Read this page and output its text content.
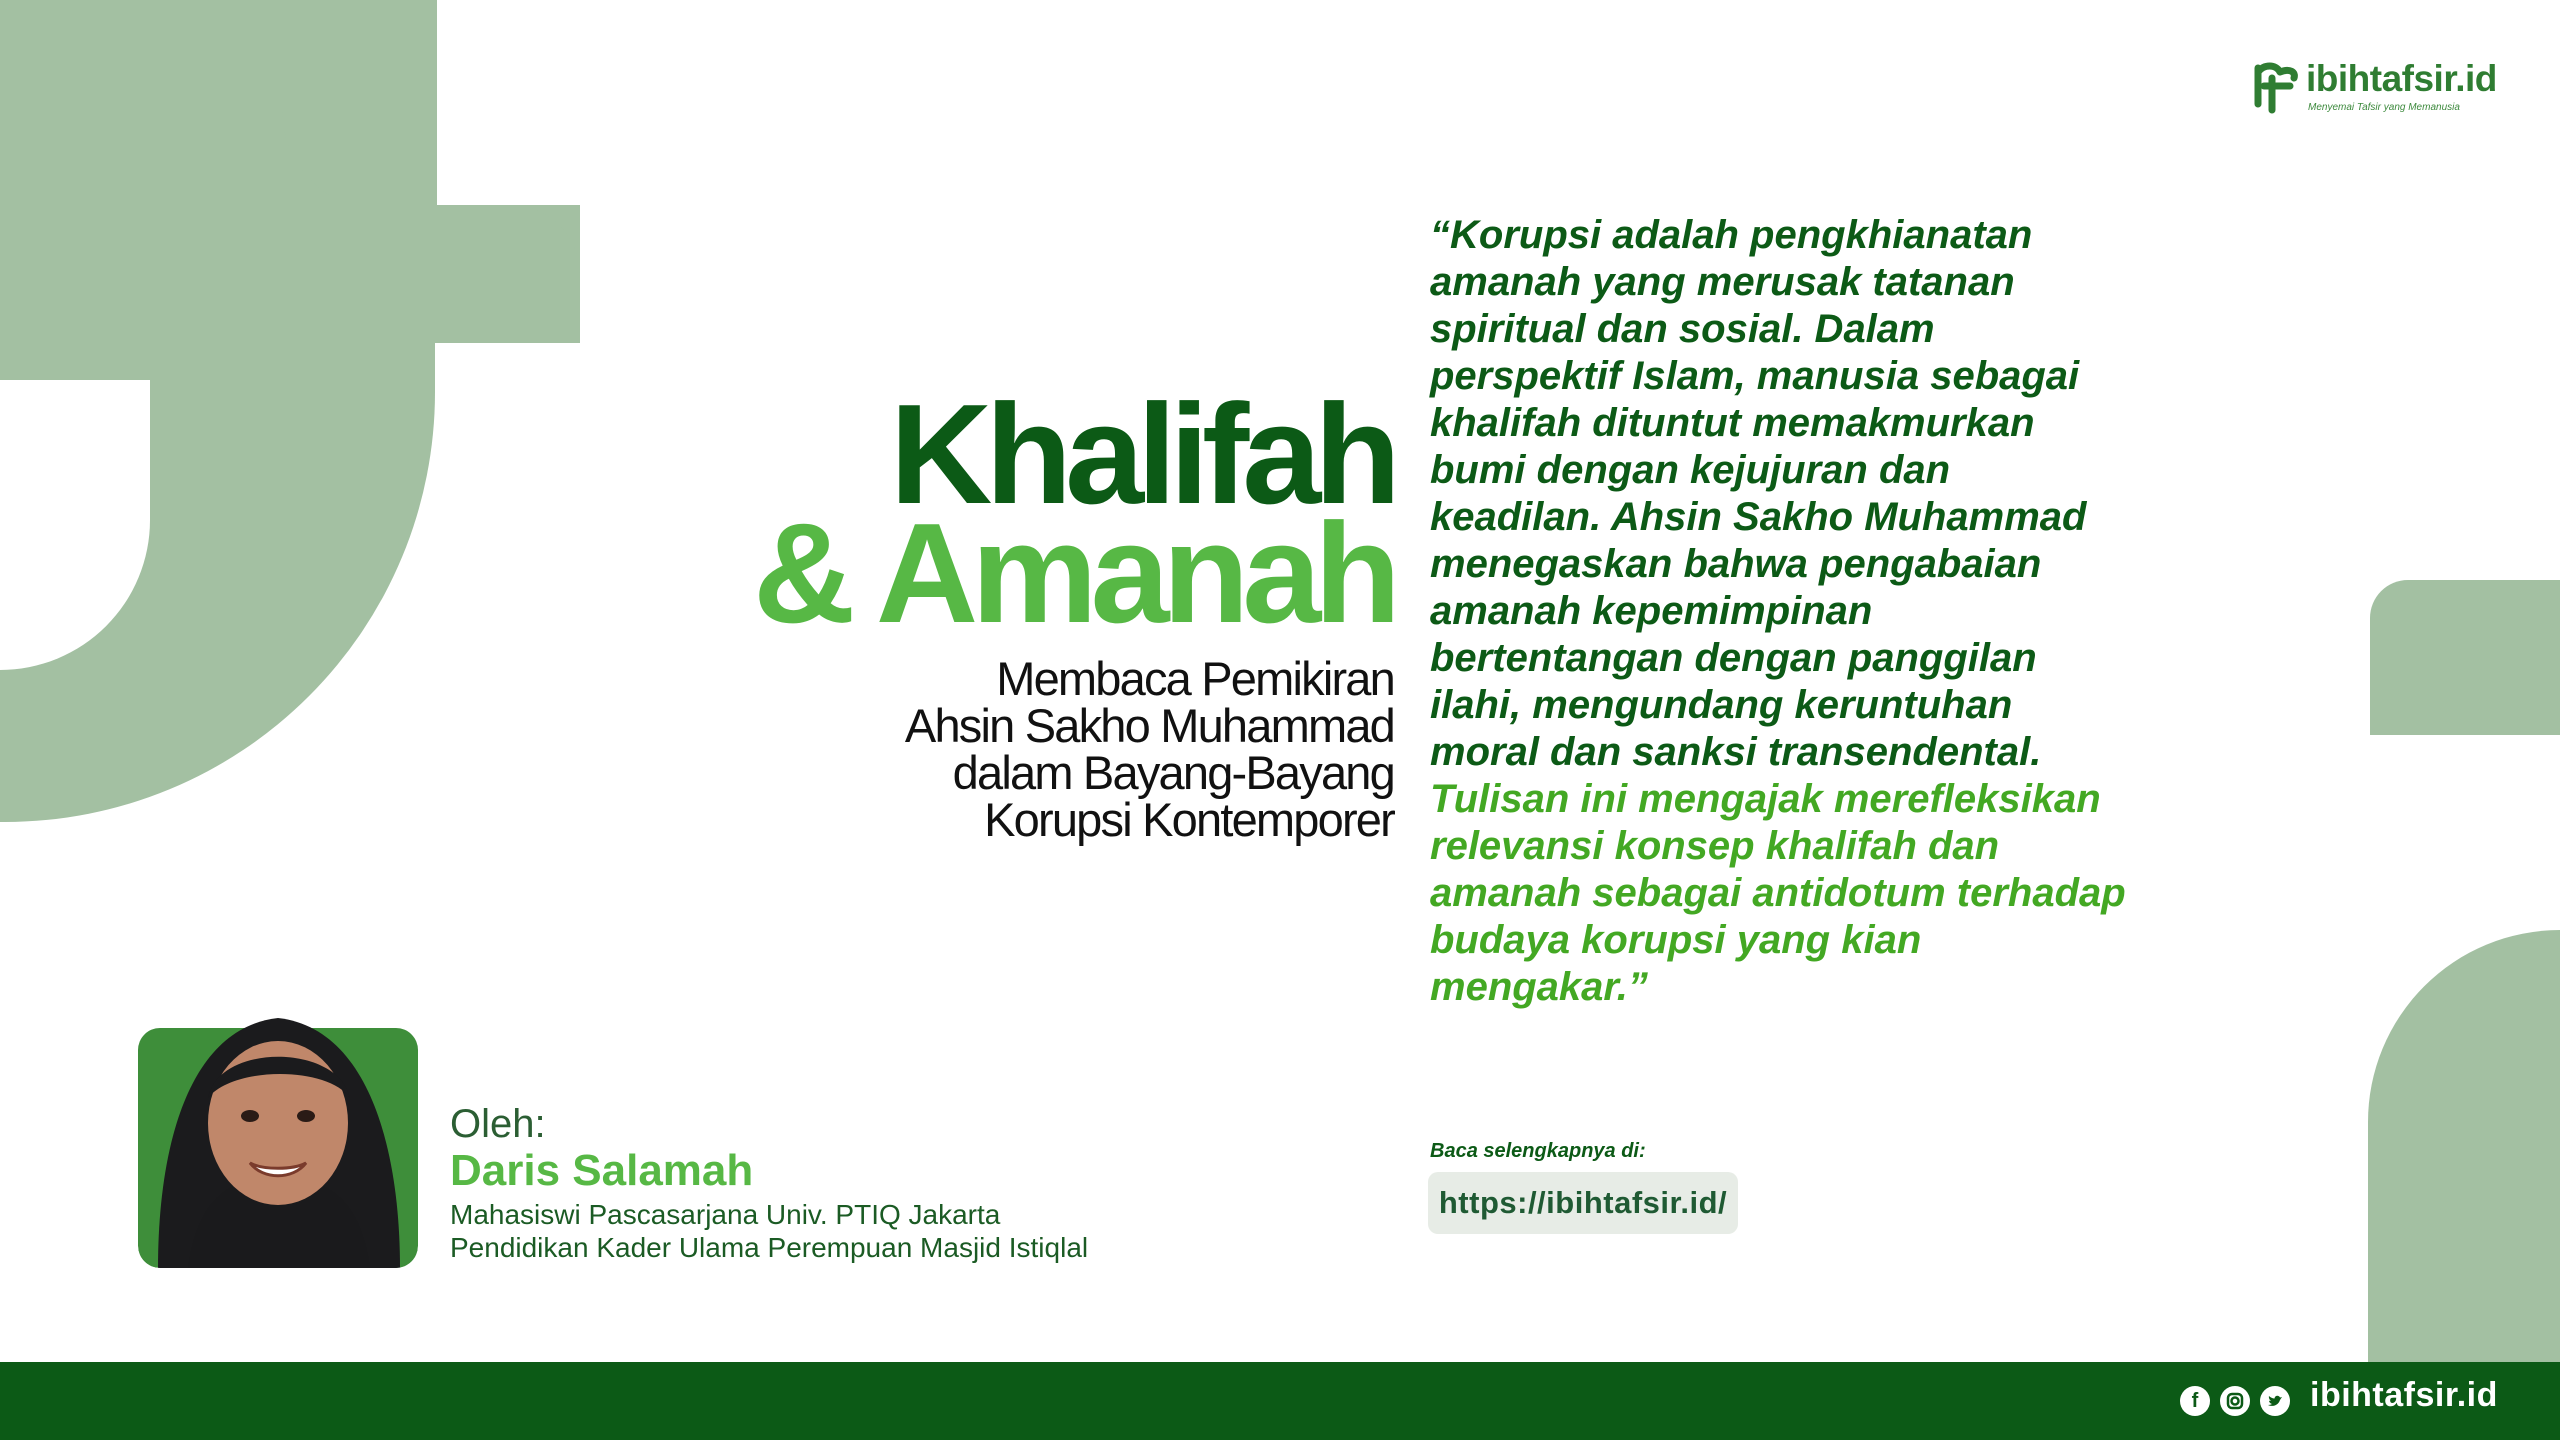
ibihtafsir.id
Menyemai Tafsir yang Memanusia
Khalifah
& Amanah
Membaca Pemikiran
Ahsin Sakho Muhammad
dalam Bayang-Bayang
Korupsi Kontemporer
“Korupsi adalah pengkhianatan amanah yang merusak tatanan spiritual dan sosial. Dalam perspektif Islam, manusia sebagai khalifah dituntut memakmurkan bumi dengan kejujuran dan keadilan. Ahsin Sakho Muhammad menegaskan bahwa pengabaian amanah kepemimpinan bertentangan dengan panggilan ilahi, mengundang keruntuhan moral dan sanksi transendental. Tulisan ini mengajak merefleksikan relevansi konsep khalifah dan amanah sebagai antidotum terhadap budaya korupsi yang kian mengakar.”
Baca selengkapnya di:
https://ibihtafsir.id/
Oleh:
Daris Salamah
Mahasiswi Pascasarjana Univ. PTIQ Jakarta
Pendidikan Kader Ulama Perempuan Masjid Istiqlal
f	ibihtafsir.id
